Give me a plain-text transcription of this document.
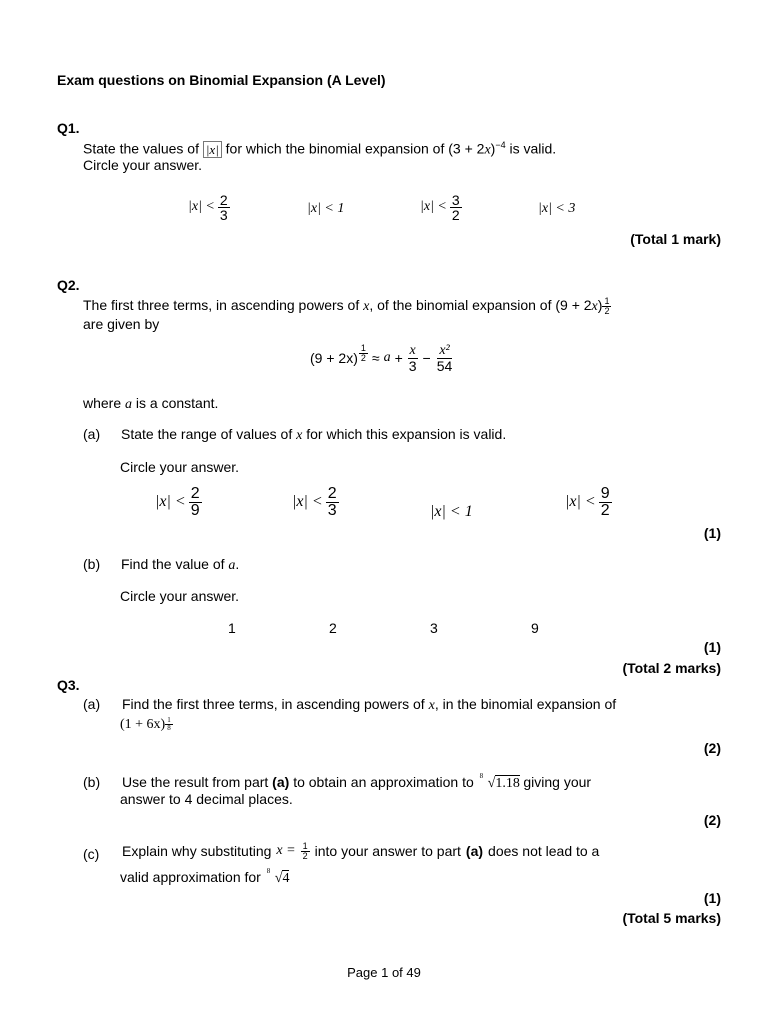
Exam questions on Binomial Expansion (A Level)
Q1.
State the values of |x| for which the binomial expansion of $(3 + 2x)^{-4}$ is valid.
Circle your answer.
$|x| < \frac{2}{3}$	|x| < 1	$|x| < \frac{3}{2}$	|x| < 3
(Total 1 mark)
Q2.
The first three terms, in ascending powers of x, of the binomial expansion of $(9 + 2x) \frac{1}{2}$
are given by
$(9 + 2x) \frac{1}{2} \approx a + \frac{x}{3} - \frac{\text{x²}}{54}$
where a is a constant.
(a) State the range of values of x for which this expansion is valid.
Circle your answer.
$|x| < \frac{2}{9}$	$|x| < \frac{2}{3}$	|x| < 1
$|x| < \frac{9}{2}$
(1)
(b) Find the value of a.
Circle your answer.
1	2	3	9
(1)
(Total 2 marks)
Q3.
(a) Find the first three terms, in ascending powers of x, in the binomial expansion of
$(1 + 6x) \frac{1}{8}$
(2)
(b) Use the result from part (a) to obtain an approximation to 8 √1.18 giving your
answer to 4 decimal places.
(2)
(c) Explain why substituting $x = \frac{1}{2}$ into your answer to part (a) does not lead to a
valid approximation for 8 √4
(1)
(Total 5 marks)
Page 1 of 49
